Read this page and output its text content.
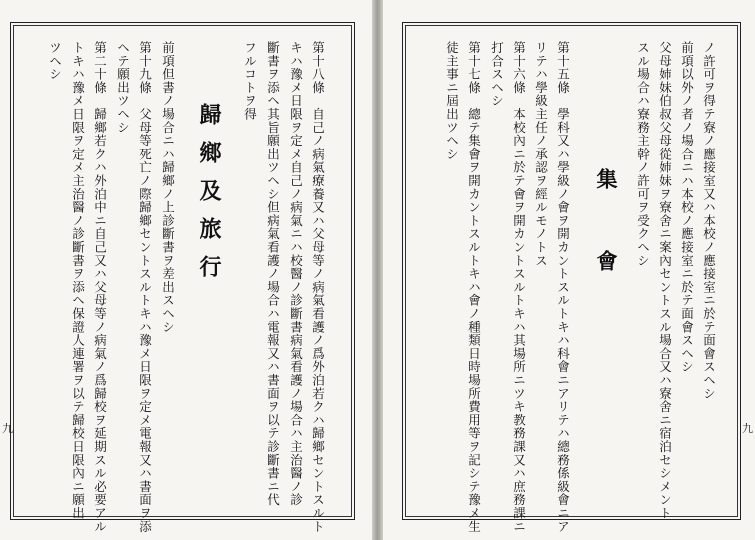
第十八條　自己ノ病氣療養又ハ父母等ノ病氣看護ノ爲外泊若クハ歸鄉セントスルト
キハ豫メ日限ヲ定メ自己ノ病氣ニハ校醫ノ診斷書病氣看護ノ場合ハ主治醫ノ診
斷書ヲ添ヘ其旨願出ツヘシ但病氣看護ノ場合ハ電報又ハ書面ヲ以テ診斷書ニ代
フルコトヲ得
前項但書ノ場合ニハ歸鄉ノ上診斷書ヲ差出スヘシ
第十九條　父母等死亡ノ際歸鄉セントスルトキハ豫メ日限ヲ定メ電報又ハ書面ヲ添
ヘテ願出ツヘシ
第二十條　歸鄉若クハ外泊中ニ自己又ハ父母等ノ病氣ノ爲歸校ヲ延期スル必要アル
トキハ豫メ日限ヲ定メ主治醫ノ診斷書ヲ添ヘ保證人連署ヲ以テ歸校日限內ニ願出
ツヘシ
歸鄉及旅行
九
ノ許可ヲ得テ寮ノ應接室又ハ本校ノ應接室ニ於テ面會スヘシ
前項以外ノ者ノ場合ニハ本校ノ應接室ニ於テ面會スヘシ
父母姉妹伯叔父母從姉妹ヲ寮舍ニ案內セントスル場合又ハ寮舍ニ宿泊セシメント
スル場合ハ寮務主幹ノ許可ヲ受クヘシ
第十五條　學科又ハ學級ノ會ヲ開カントスルトキハ科會ニアリテハ總務係級會ニア
リテハ學級主任ノ承認ヲ經ルモノトス
第十六條　本校內ニ於テ會ヲ開カントスルトキハ其場所ニツキ教務課又ハ庶務課ニ
打合スヘシ
第十七條　總テ集會ヲ開カントスルトキハ會ノ種類日時場所費用等ヲ記シテ豫メ生
徒主事ニ屆出ツヘシ
集　會
九
